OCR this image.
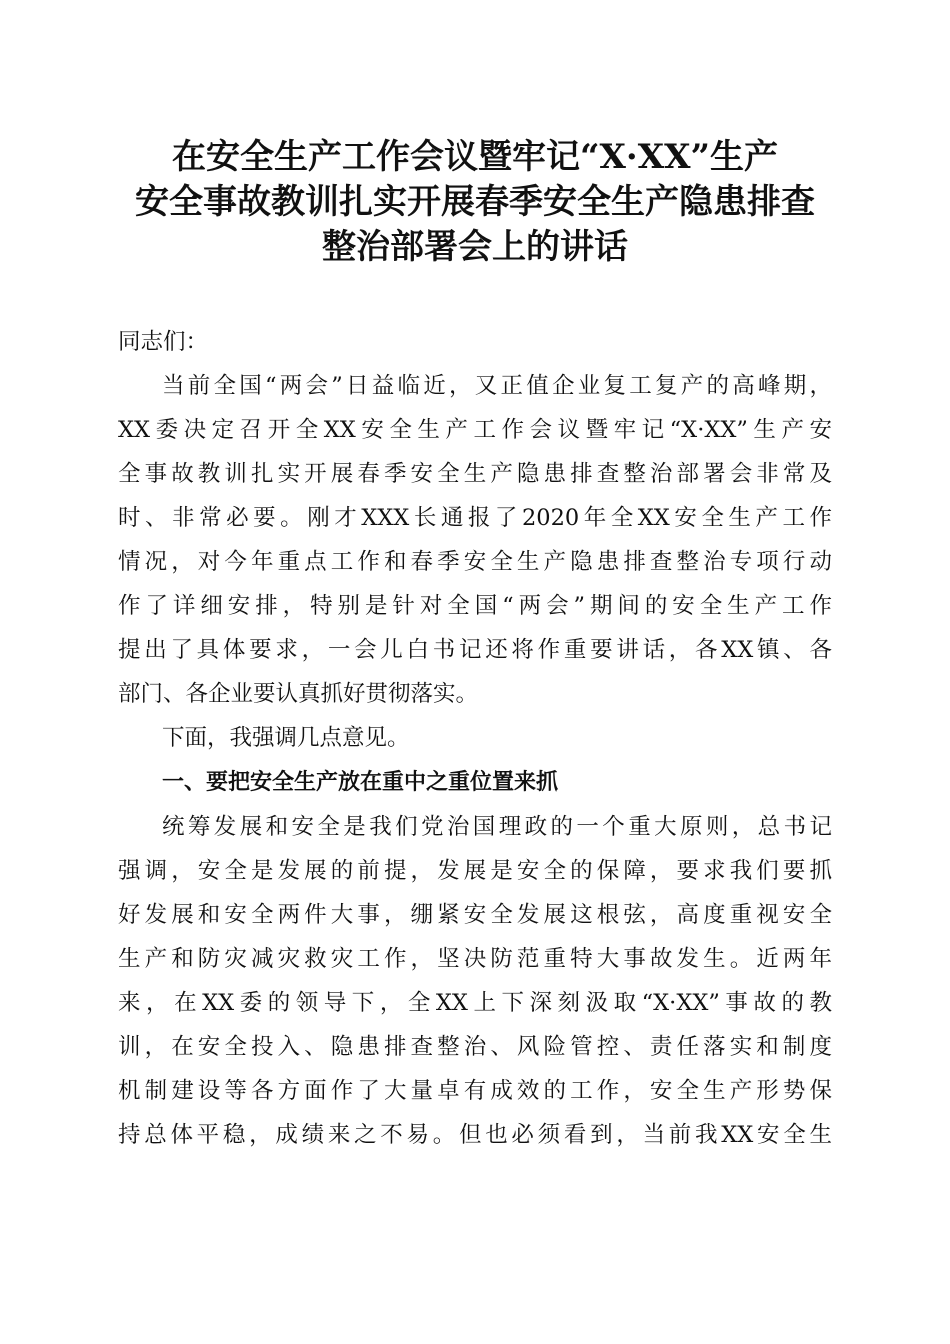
在安全生产工作会议暨牢记“X·XX”生产
安全事故教训扎实开展春季安全生产隐患排查
整治部署会上的讲话
同志们：
当前全国“两会”日益临近，又正值企业复工复产的高峰期，
XX委决定召开全XX安全生产工作会议暨牢记“X·XX”生产安
全事故教训扎实开展春季安全生产隐患排查整治部署会非常及
时、非常必要。刚才XXX长通报了2020年全XX安全生产工作
情况，对今年重点工作和春季安全生产隐患排查整治专项行动
作了详细安排，特别是针对全国“两会”期间的安全生产工作
提出了具体要求，一会儿白书记还将作重要讲话，各XX镇、各
部门、各企业要认真抓好贯彻落实。
下面，我强调几点意见。
一、要把安全生产放在重中之重位置来抓
统筹发展和安全是我们党治国理政的一个重大原则，总书记
强调，安全是发展的前提，发展是安全的保障，要求我们要抓
好发展和安全两件大事，绷紧安全发展这根弦，高度重视安全
生产和防灾减灾救灾工作，坚决防范重特大事故发生。近两年
来，在XX委的领导下，全XX上下深刻汲取“X·XX”事故的教
训，在安全投入、隐患排查整治、风险管控、责任落实和制度
机制建设等各方面作了大量卓有成效的工作，安全生产形势保
持总体平稳，成绩来之不易。但也必须看到，当前我XX安全生
